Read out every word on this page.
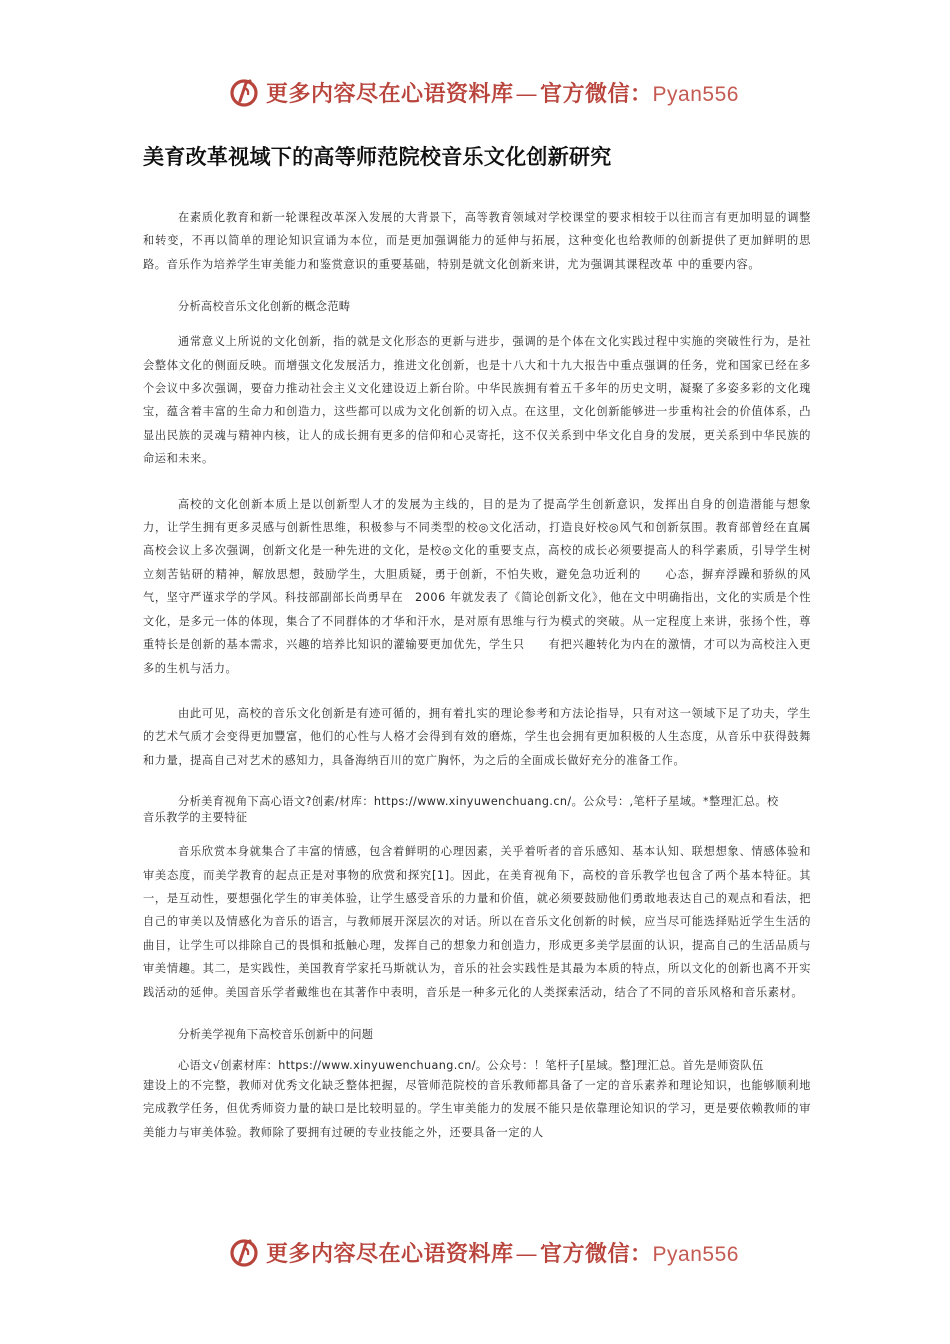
更多内容尽在心语资料库—官方微信：Pyan556
美育改革视域下的高等师范院校音乐文化创新研究

在素质化教育和新一轮课程改革深入发展的大背景下，高等教育领域对学校课堂的要求相较于以往而言有更加明显的调整和转变，不再以简单的理论知识宣诵为本位，而是更加强调能力的延伸与拓展，这种变化也给教师的创新提供了更加鲜明的思路。音乐作为培养学生审美能力和鉴赏意识的重要基础，特别是就文化创新来讲，尤为强调其课程改革 中的重要内容。

分析高校音乐文化创新的概念范畴

通常意义上所说的文化创新，指的就是文化形态的更新与进步，强调的是个体在文化实践过程中实施的突破性行为，是社会整体文化的侧面反映。而增强文化发展活力，推进文化创新，也是十八大和十九大报告中重点强调的任务，党和国家已经在多个会议中多次强调，要奋力推动社会主义文化建设迈上新台阶。中华民族拥有着五千多年的历史文明，凝聚了多姿多彩的文化瑰宝，蕴含着丰富的生命力和创造力，这些都可以成为文化创新的切入点。在这里，文化创新能够进一步重构社会的价值体系，凸显出民族的灵魂与精神内核，让人的成长拥有更多的信仰和心灵寄托，这不仅关系到中华文化自身的发展，更关系到中华民族的命运和未来。

高校的文化创新本质上是以创新型人才的发展为主线的，目的是为了提高学生创新意识，发挥出自身的创造潜能与想象力，让学生拥有更多灵感与创新性思维，积极参与不同类型的校◎文化活动，打造良好校◎风气和创新氛围。教育部曾经在直属高校会议上多次强调，创新文化是一种先进的文化，是校◎文化的重要支点，高校的成长必须要提高人的科学素质，引导学生树立刻苦钻研的精神，解放思想，鼓励学生，大胆质疑，勇于创新，不怕失败，避免急功近利的　　心态，摒弃浮躁和骄纵的风气，坚守严谨求学的学风。科技部副部长尚勇早在　2006 年就发表了《简论创新文化》，他在文中明确指出，文化的实质是个性文化，是多元一体的体现，集合了不同群体的才华和汗水，是对原有思维与行为模式的突破。从一定程度上来讲，张扬个性，尊重特长是创新的基本需求，兴趣的培养比知识的灌输要更加优先，学生只　　有把兴趣转化为内在的激情，才可以为高校注入更多的生机与活力。

由此可见，高校的音乐文化创新是有迹可循的，拥有着扎实的理论参考和方法论指导，只有对这一领域下足了功夫，学生的艺术气质才会变得更加豐富，他们的心性与人格才会得到有效的磨炼，学生也会拥有更加积极的人生态度，从音乐中获得鼓舞和力量，提高自己对艺术的感知力，具备海纳百川的宽广胸怀，为之后的全面成长做好充分的准备工作。

分析美育视角下高心语文?创素/材库：https://www.xinyuwenchuang.cn/。公众号：,笔杆子星域。*整理汇总。校
音乐教学的主要特征

音乐欣赏本身就集合了丰富的情感，包含着鲜明的心理因素，关乎着听者的音乐感知、基本认知、联想想象、情感体验和审美态度，而美学教育的起点正是对事物的欣赏和探究[1]。因此，在美育视角下，高校的音乐教学也包含了两个基本特征。其一，是互动性，要想强化学生的审美体验，让学生感受音乐的力量和价值，就必须要鼓励他们勇敢地表达自己的观点和看法，把自己的审美以及情感化为音乐的语言，与教师展开深层次的对话。所以在音乐文化创新的时候，应当尽可能选择贴近学生生活的曲目，让学生可以排除自己的畏惧和抵触心理，发挥自己的想象力和创造力，形成更多美学层面的认识，提高自己的生活品质与审美情趣。其二，是实践性，美国教育学家托马斯就认为，音乐的社会实践性是其最为本质的特点，所以文化的创新也离不开实践活动的延伸。美国音乐学者戴维也在其著作中表明，音乐是一种多元化的人类探索活动，结合了不同的音乐风格和音乐素材。

分析美学视角下高校音乐创新中的问题
心语文√创素材库：https://www.xinyuwenchuang.cn/。公众号：！笔杆子[星域。整]理汇总。首先是师资队伍

建设上的不完整，教师对优秀文化缺乏整体把握，尽管师范院校的音乐教师都具备了一定的音乐素养和理论知识，也能够顺利地完成教学任务，但优秀师资力量的缺口是比较明显的。学生审美能力的发展不能只是依靠理论知识的学习，更是要依赖教师的审美能力与审美体验。教师除了要拥有过硬的专业技能之外，还要具备一定的人

更多内容尽在心语资料库—官方微信：Pyan556
